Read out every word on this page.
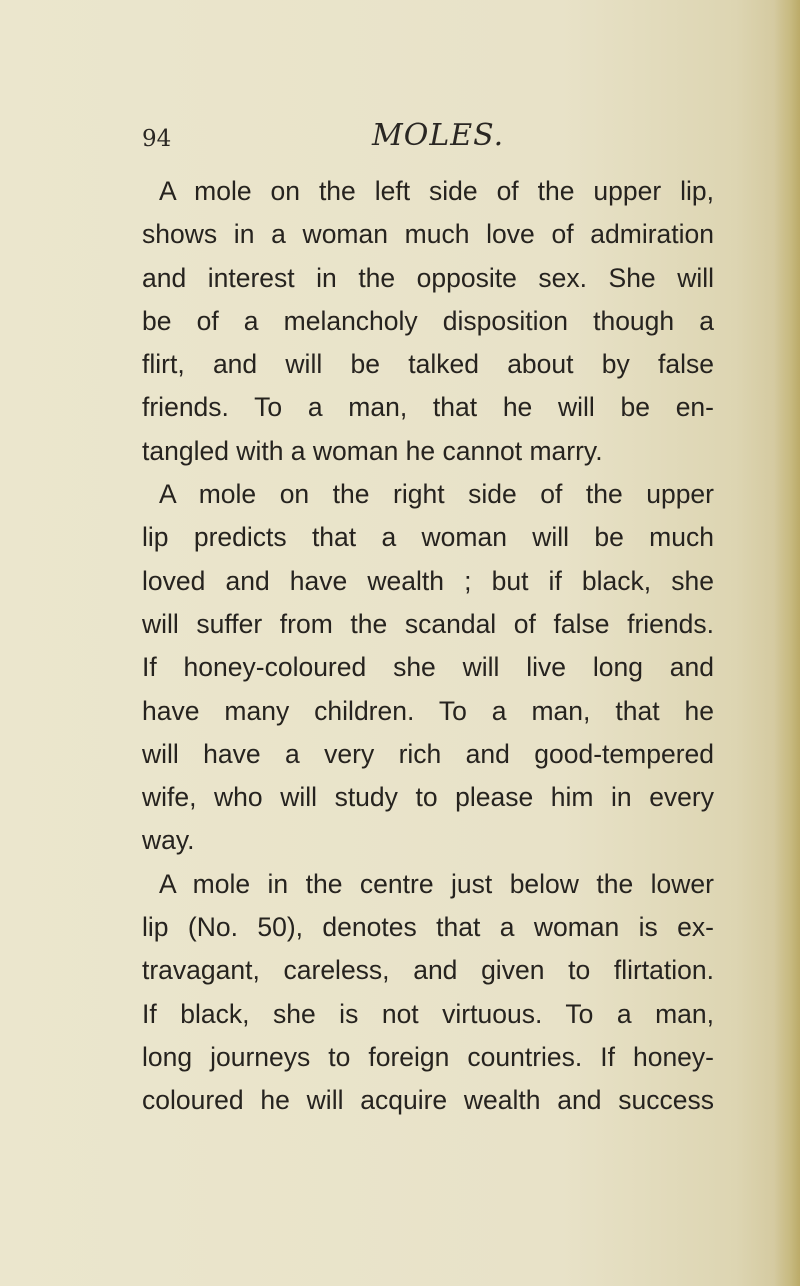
94	MOLES.
A mole on the left side of the upper lip,
shows in a woman much love of admiration
and interest in the opposite sex. She will
be of a melancholy disposition though a
flirt, and will be talked about by false
friends. To a man, that he will be en-
tangled with a woman he cannot marry.
A mole on the right side of the upper
lip predicts that a woman will be much
loved and have wealth ; but if black, she
will suffer from the scandal of false friends.
If honey-coloured she will live long and
have many children. To a man, that he
will have a very rich and good-tempered
wife, who will study to please him in every
way.
A mole in the centre just below the lower
lip (No. 50), denotes that a woman is ex-
travagant, careless, and given to flirtation.
If black, she is not virtuous. To a man,
long journeys to foreign countries. If honey-
coloured he will acquire wealth and success
